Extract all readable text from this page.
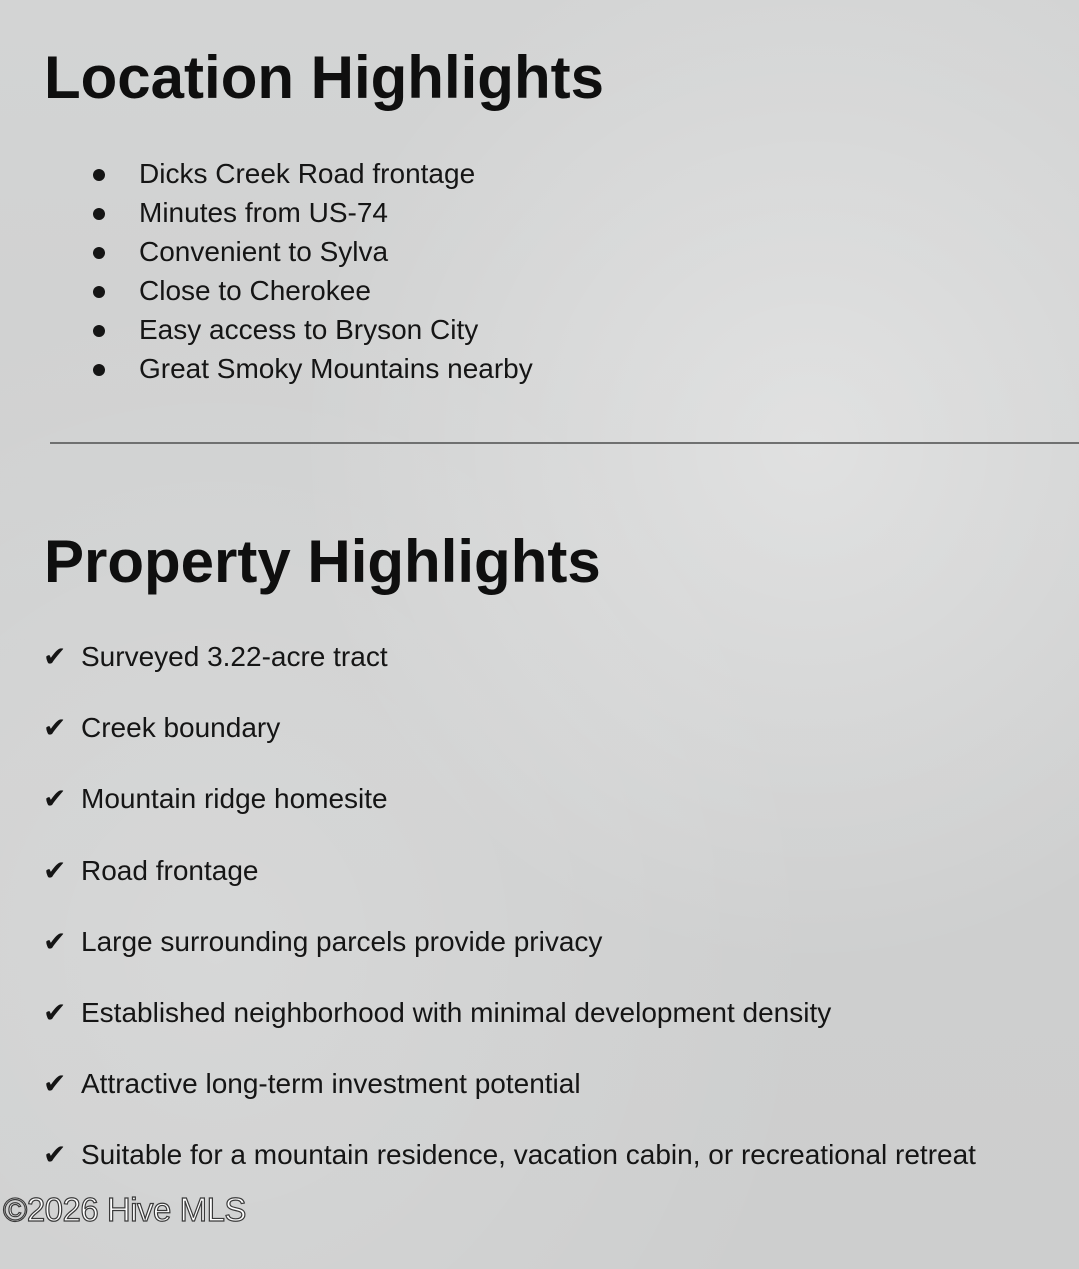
Location Highlights
Dicks Creek Road frontage
Minutes from US-74
Convenient to Sylva
Close to Cherokee
Easy access to Bryson City
Great Smoky Mountains nearby
Property Highlights
✔ Surveyed 3.22-acre tract
✔ Creek boundary
✔ Mountain ridge homesite
✔ Road frontage
✔ Large surrounding parcels provide privacy
✔ Established neighborhood with minimal development density
✔ Attractive long-term investment potential
✔ Suitable for a mountain residence, vacation cabin, or recreational retreat
©2026 Hive MLS
